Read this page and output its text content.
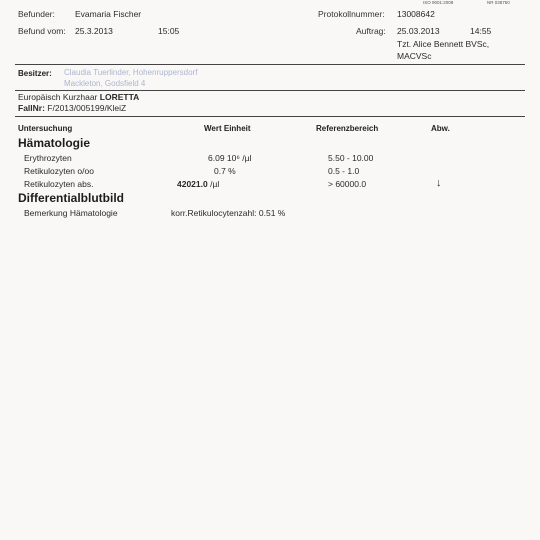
ISO 9001:2008	NR 038750
Befunder: Evamaria Fischer
Befund vom: 25.3.2013	15:05
Protokollnummer: 13008642
Auftrag: 25.03.2013	14:55
Tzt. Alice Bennett BVSc,
MACVSc
Besitzer: Claudia Tuerlinder, Hohenruppersdorf
Mackleton, Godsfield 4
Europäisch Kurzhaar LORETTA
FallNr: F/2013/005199/KleiZ
Untersuchung	Wert Einheit	Referenzbereich	Abw.
Hämatologie
Erythrozyten	6.09 10⁶ /µl	5.50 - 10.00
Retikulozyten o/oo	0.7 %	0.5 - 1.0
Retikulozyten abs.	42021.0 /µl	> 60000.0	↓
Differentialblutbild
Bemerkung Hämatologie	korr.Retikulocytenzahl: 0.51 %
